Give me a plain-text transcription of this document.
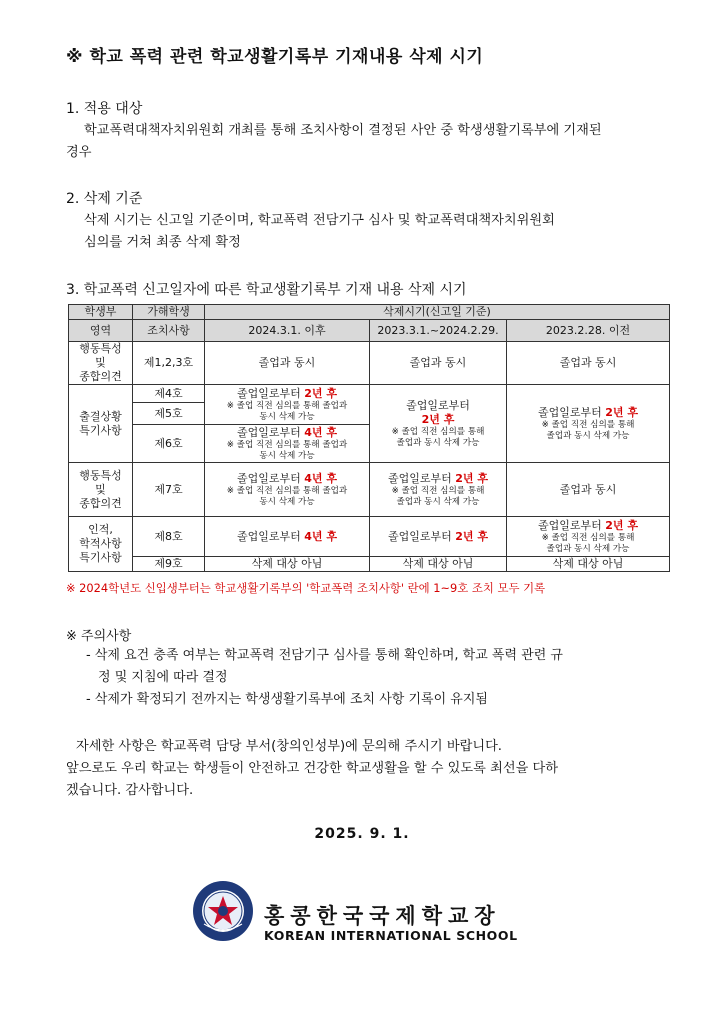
※ 학교 폭력 관련 학교생활기록부 기재내용 삭제 시기
1. 적용 대상
학교폭력대책자치위원회 개최를 통해 조치사항이 결정된 사안 중 학생생활기록부에 기재된
경우
2. 삭제 기준
삭제 시기는 신고일 기준이며, 학교폭력 전담기구 심사 및 학교폭력대책자치위원회
심의를 거쳐 최종 삭제 확정
3. 학교폭력 신고일자에 따른 학교생활기록부 기재 내용 삭제 시기
학생부	가해학생	삭제시기(신고일 기준)		
영역	조치사항	2024.3.1. 이후	2023.3.1.~2024.2.29.	2023.2.28. 이전

행동특성
및
종합의견	제1,2,3호	졸업과 동시	졸업과 동시	졸업과 동시

출결상황
특기사항	제4호	졸업일로부터 2년 후
※ 졸업 직전 심의를 통해 졸업과
동시 삭제 가능	졸업일로부터
2년 후
※ 졸업 직전 심의를 통해
졸업과 동시 삭제 가능	졸업일로부터 2년 후
※ 졸업 직전 심의를 통해
졸업과 동시 삭제 가능

	제5호			
	제6호	졸업일로부터 4년 후
※ 졸업 직전 심의를 통해 졸업과
동시 삭제 가능		

행동특성
및
종합의견	제7호	졸업일로부터 4년 후
※ 졸업 직전 심의를 통해 졸업과
동시 삭제 가능	졸업일로부터 2년 후
※ 졸업 직전 심의를 통해
졸업과 동시 삭제 가능	졸업과 동시

인적,
학적사항
특기사항	제8호	졸업일로부터 4년 후	졸업일로부터 2년 후	졸업일로부터 2년 후
※ 졸업 직전 심의를 통해
졸업과 동시 삭제 가능

	제9호	삭제 대상 아님	삭제 대상 아님	삭제 대상 아님
※ 2024학년도 신입생부터는 학교생활기록부의 '학교폭력 조치사항' 란에 1~9호 조치 모두 기록
※ 주의사항
- 삭제 요건 충족 여부는 학교폭력 전담기구 심사를 통해 확인하며, 학교 폭력 관련 규
정 및 지침에 따라 결정
- 삭제가 확정되기 전까지는 학생생활기록부에 조치 사항 기록이 유지됨
자세한 사항은 학교폭력 담당 부서(창의인성부)에 문의해 주시기 바랍니다.
앞으로도 우리 학교는 학생들이 안전하고 건강한 학교생활을 할 수 있도록 최선을 다하
겠습니다. 감사합니다.
2025. 9. 1.
홍콩한국국제학교장
KOREAN INTERNATIONAL SCHOOL
